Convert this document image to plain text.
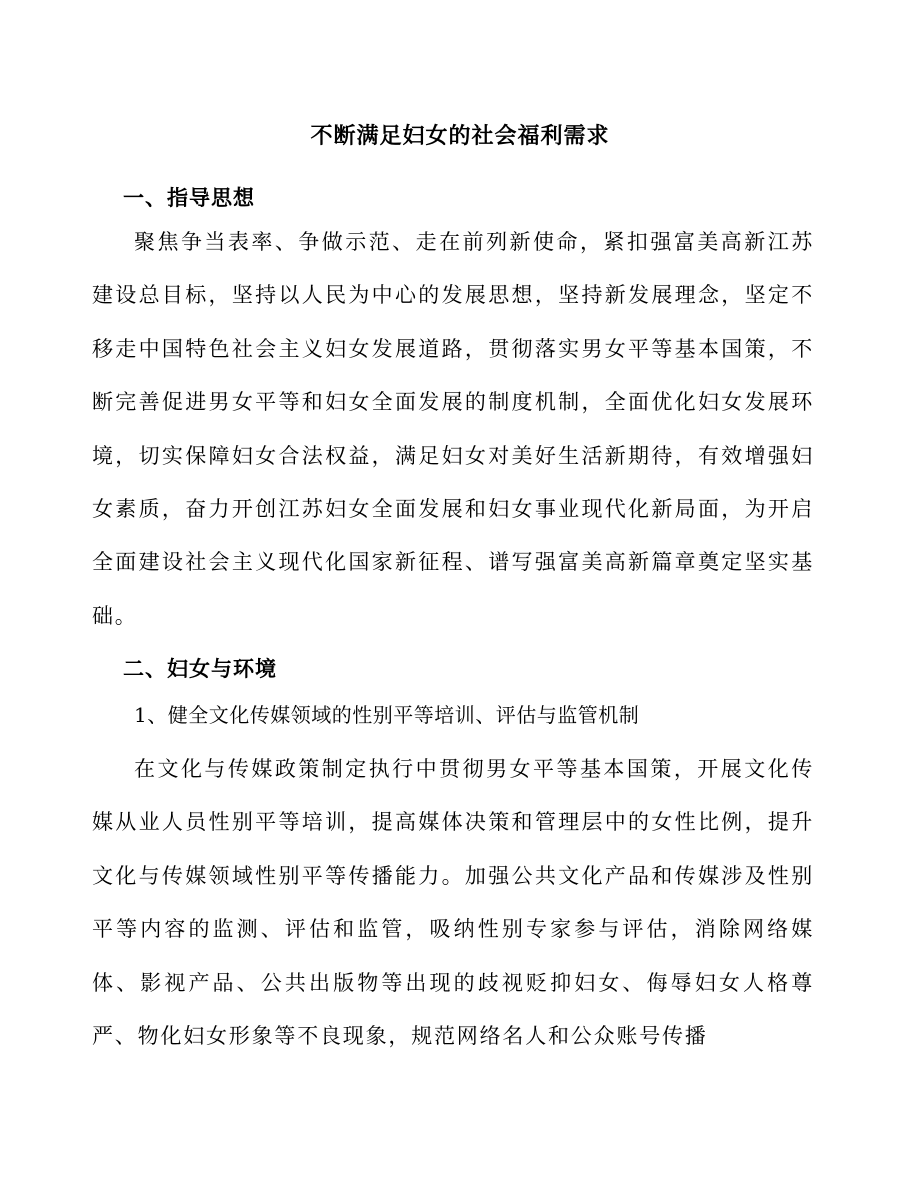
不断满足妇女的社会福利需求
一、指导思想

聚焦争当表率、争做示范、走在前列新使命，紧扣强富美高新江苏建设总目标，坚持以人民为中心的发展思想，坚持新发展理念，坚定不移走中国特色社会主义妇女发展道路，贯彻落实男女平等基本国策，不断完善促进男女平等和妇女全面发展的制度机制，全面优化妇女发展环境，切实保障妇女合法权益，满足妇女对美好生活新期待，有效增强妇女素质，奋力开创江苏妇女全面发展和妇女事业现代化新局面，为开启全面建设社会主义现代化国家新征程、谱写强富美高新篇章奠定坚实基础。

二、妇女与环境
1、健全文化传媒领域的性别平等培训、评估与监管机制

在文化与传媒政策制定执行中贯彻男女平等基本国策，开展文化传媒从业人员性别平等培训，提高媒体决策和管理层中的女性比例，提升文化与传媒领域性别平等传播能力。加强公共文化产品和传媒涉及性别平等内容的监测、评估和监管，吸纳性别专家参与评估，消除网络媒体、影视产品、公共出版物等出现的歧视贬抑妇女、侮辱妇女人格尊严、物化妇女形象等不良现象，规范网络名人和公众账号传播
